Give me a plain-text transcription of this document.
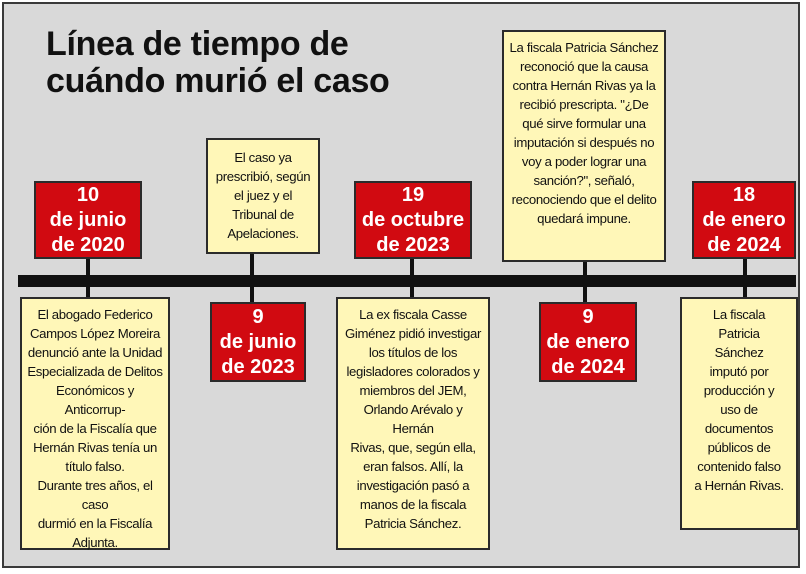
Línea de tiempo de
cuándo murió el caso
10
de junio
de 2020
El abogado Federico
Campos López Moreira
denunció ante la Unidad
Especializada de Delitos
Económicos y Anticorrup-
ción de la Fiscalía que
Hernán Rivas tenía un
título falso.
Durante tres años, el caso
durmió en la Fiscalía
Adjunta.
El caso ya
prescribió, según
el juez y el
Tribunal de
Apelaciones.
9
de junio
de 2023
19
de octubre
de 2023
La ex fiscala Casse
Giménez pidió investigar
los títulos de los
legisladores colorados y
miembros del JEM,
Orlando Arévalo y Hernán
Rivas, que, según ella,
eran falsos. Allí, la
investigación pasó a
manos de la fiscala
Patricia Sánchez.
La fiscala Patricia Sánchez
reconoció que la causa
contra Hernán Rivas ya la
recibió prescripta. "¿De
qué sirve formular una
imputación si después no
voy a poder lograr una
sanción?", señaló,
reconociendo que el delito
quedará impune.
9
de enero
de 2024
18
de enero
de 2024
La fiscala
Patricia
Sánchez
imputó por
producción y
uso de
documentos
públicos de
contenido falso
a Hernán Rivas.
